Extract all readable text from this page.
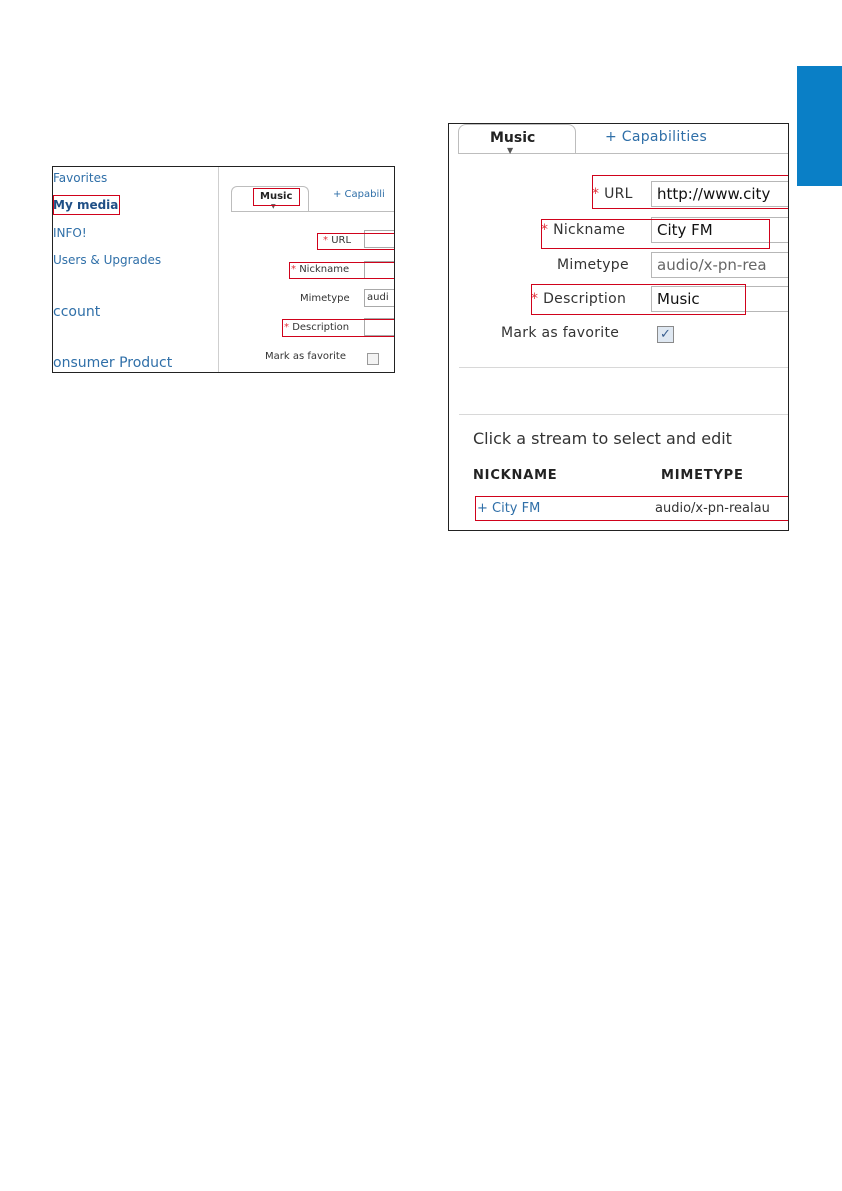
Favorites
My media
INFO!
Users & Upgrades
ccount
onsumer Product
Music
▼
+ Capabili
* URL
* Nickname
Mimetype	audi
* Description
Mark as favorite
Music
▼
+ Capabilities
* URL	http://www.city
* Nickname	City FM
Mimetype	audio/x-pn-rea
* Description	Music
Mark as favorite	✓
Click a stream to select and edit
NICKNAME	MIMETYPE
+ City FM	audio/x-pn-realau
